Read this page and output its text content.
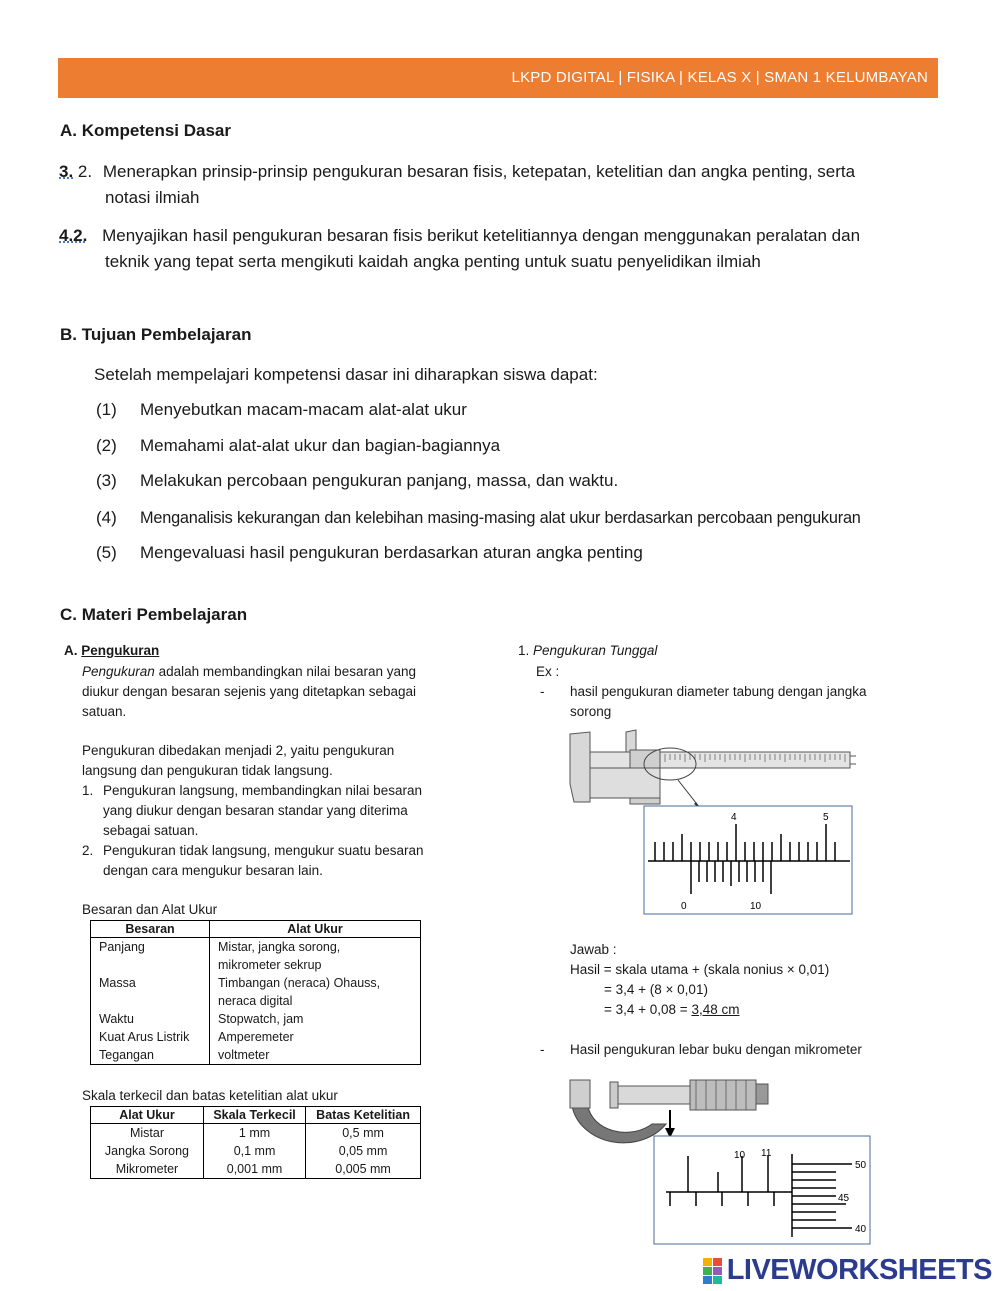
LKPD DIGITAL | FISIKA | KELAS X | SMAN 1 KELUMBAYAN
A. Kompetensi Dasar
3. 2. Menerapkan prinsip-prinsip pengukuran besaran fisis, ketepatan, ketelitian dan angka penting, serta
notasi ilmiah
4.2. Menyajikan hasil pengukuran besaran fisis berikut ketelitiannya dengan menggunakan peralatan dan
teknik yang tepat serta mengikuti kaidah angka penting untuk suatu penyelidikan ilmiah
B. Tujuan Pembelajaran
Setelah mempelajari kompetensi dasar ini diharapkan siswa dapat:
(1) Menyebutkan macam-macam alat-alat ukur
(2) Memahami alat-alat ukur dan bagian-bagiannya
(3) Melakukan percobaan pengukuran panjang, massa, dan waktu.
(4) Menganalisis kekurangan dan kelebihan masing-masing alat ukur berdasarkan percobaan pengukuran
(5) Mengevaluasi hasil pengukuran berdasarkan aturan angka penting
C. Materi Pembelajaran
A. Pengukuran
Pengukuran adalah membandingkan nilai besaran yang
diukur dengan besaran sejenis yang ditetapkan sebagai
satuan.
Pengukuran dibedakan menjadi 2, yaitu pengukuran
langsung dan pengukuran tidak langsung.
1. Pengukuran langsung, membandingkan nilai besaran
yang diukur dengan besaran standar yang diterima
sebagai satuan.
2. Pengukuran tidak langsung, mengukur suatu besaran
dengan cara mengukur besaran lain.
Besaran dan Alat Ukur
Besaran	Alat Ukur
Panjang	Mistar, jangka sorong,
	mikrometer sekrup
Massa	Timbangan (neraca) Ohauss,
	neraca digital
Waktu	Stopwatch, jam
Kuat Arus Listrik	Amperemeter
Tegangan	voltmeter
Skala terkecil dan batas ketelitian alat ukur
Alat Ukur	Skala Terkecil	Batas Ketelitian
Mistar	1 mm	0,5 mm
Jangka Sorong	0,1 mm	0,05 mm
Mikrometer	0,001 mm	0,005 mm
1. Pengukuran Tunggal
Ex :
- hasil pengukuran diameter tabung dengan jangka
sorong
4	5
0	10
Jawab :
Hasil = skala utama + (skala nonius × 0,01)
= 3,4 + (8 × 0,01)
= 3,4 + 0,08 = 3,48 cm
- Hasil pengukuran lebar buku dengan mikrometer
10 11
50
45
40
LIVEWORKSHEETS
